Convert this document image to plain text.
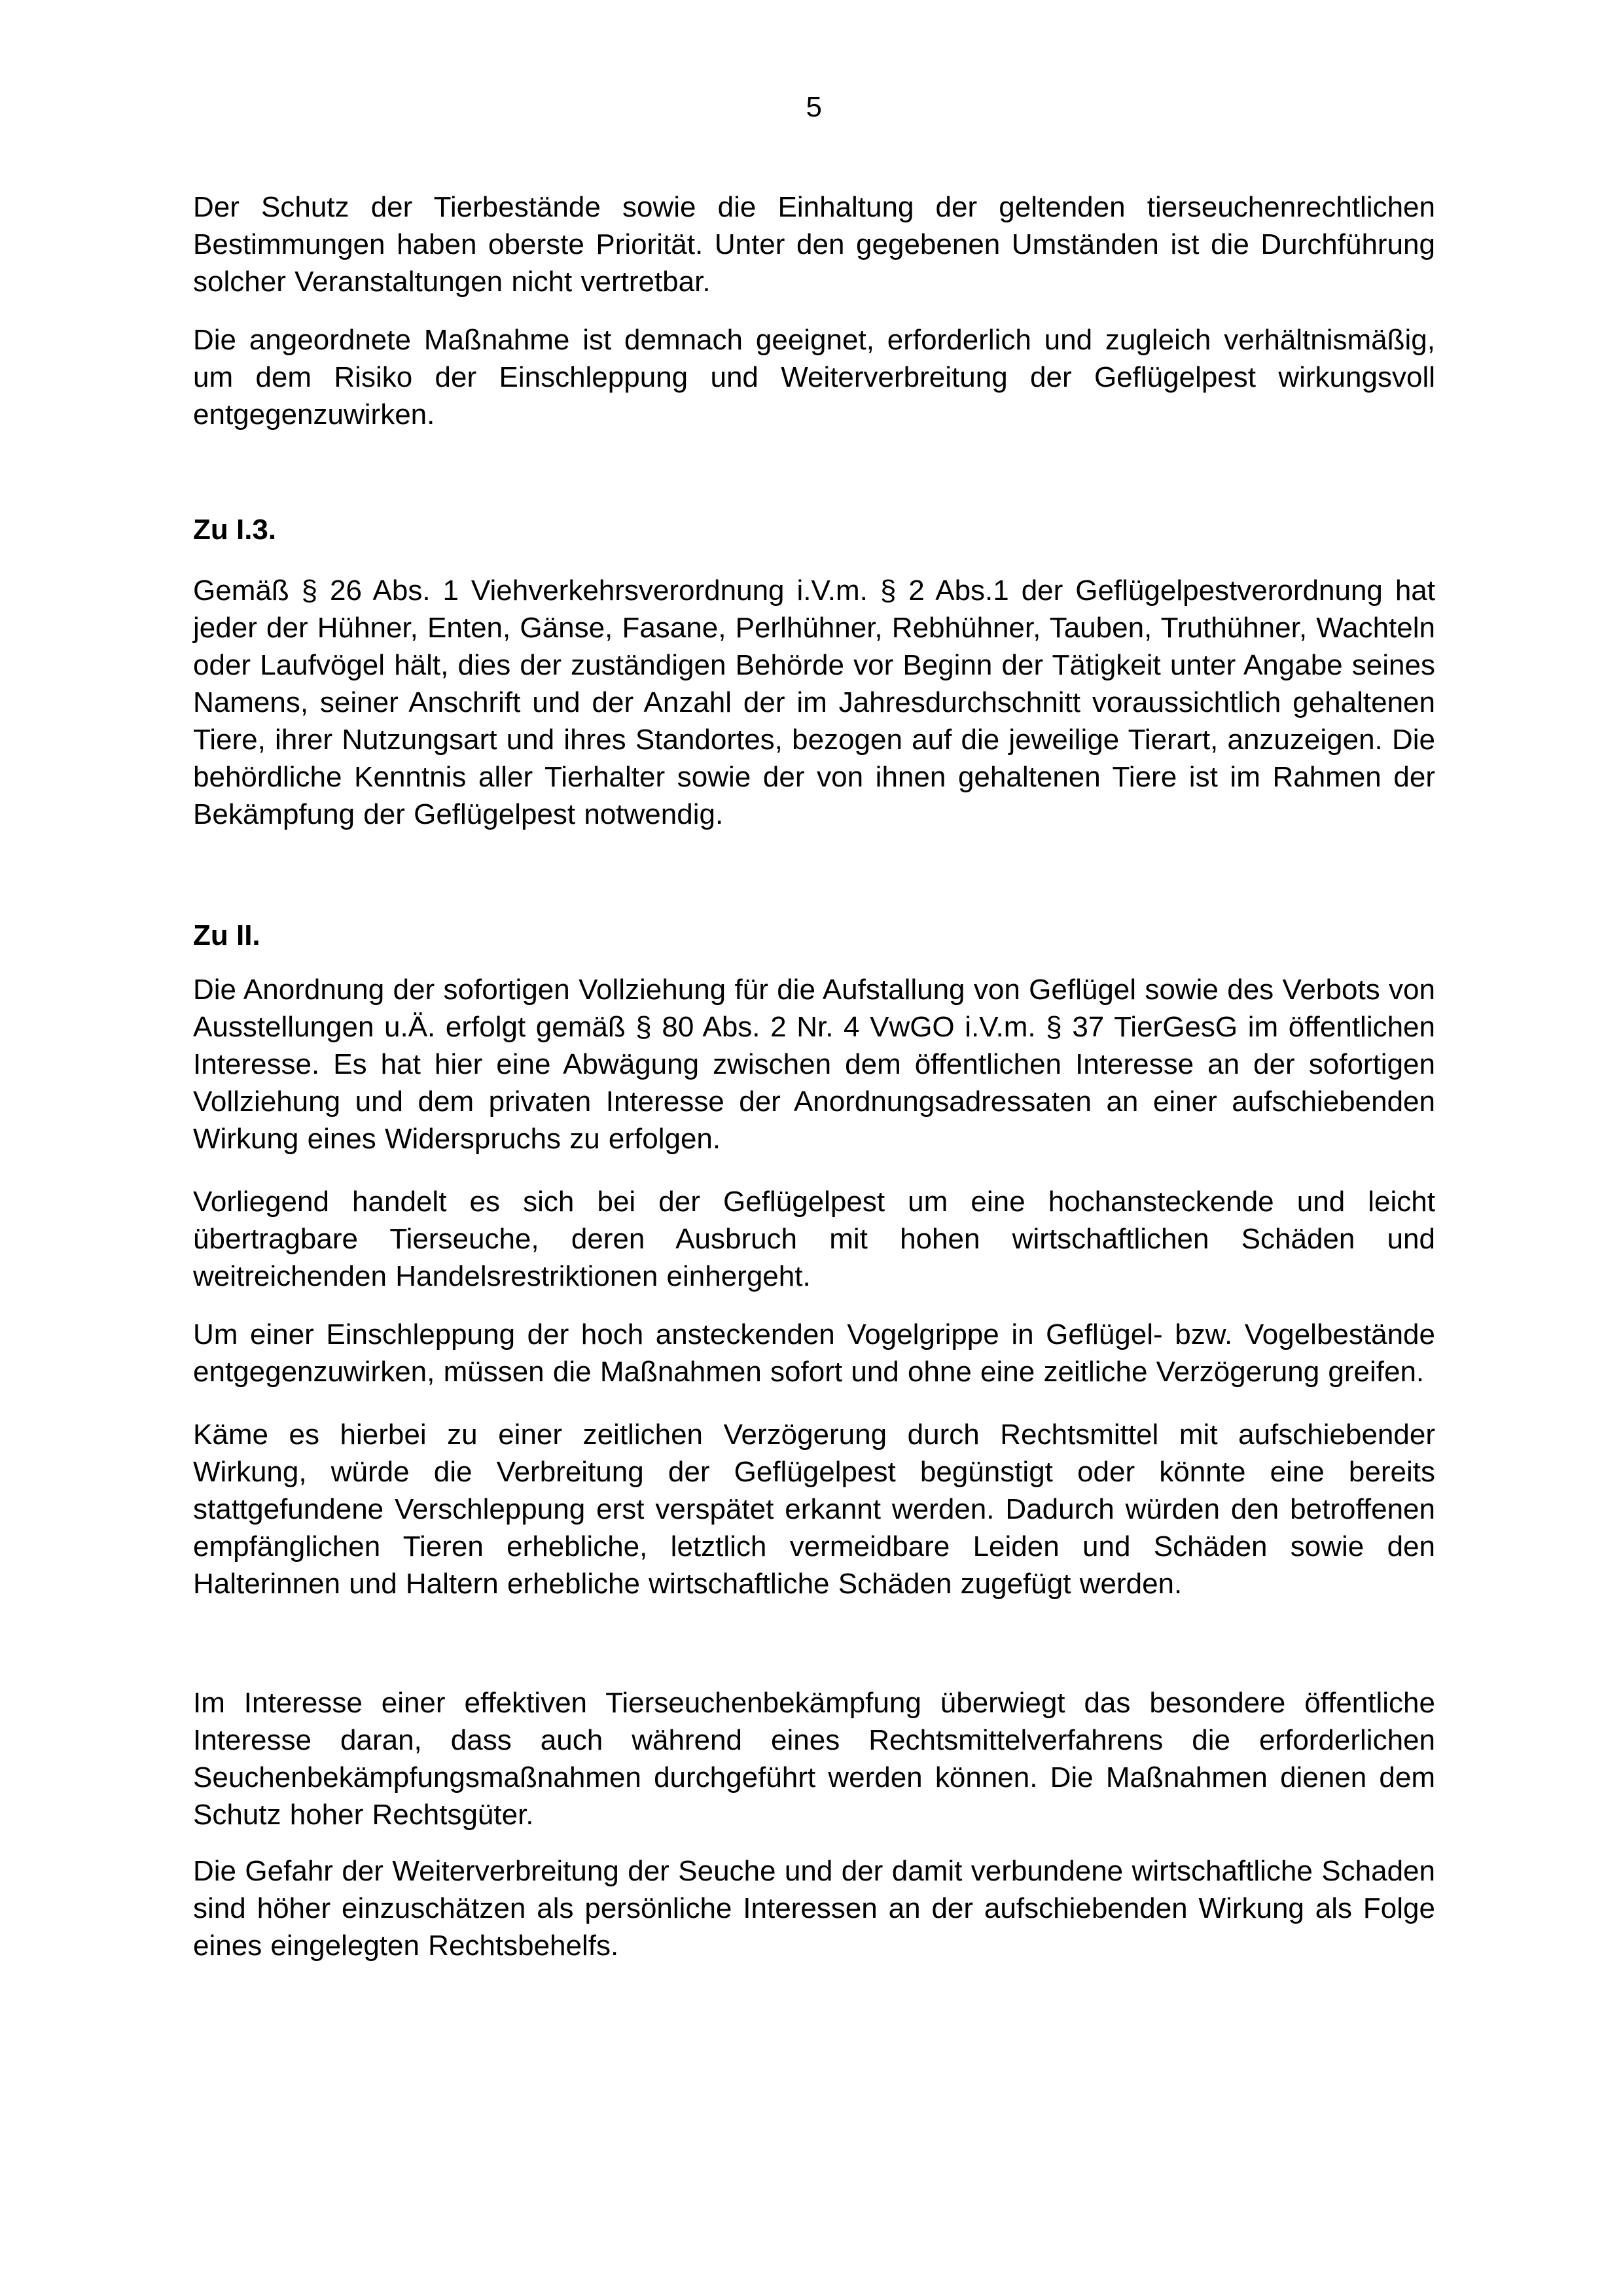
5

Der Schutz der Tierbestände sowie die Einhaltung der geltenden tierseuchenrechtlichen Bestimmungen haben oberste Priorität. Unter den gegebenen Umständen ist die Durchführung solcher Veranstaltungen nicht vertretbar.

Die angeordnete Maßnahme ist demnach geeignet, erforderlich und zugleich verhältnismäßig, um dem Risiko der Einschleppung und Weiterverbreitung der Geflügelpest wirkungsvoll entgegenzuwirken.

Zu I.3.

Gemäß § 26 Abs. 1 Viehverkehrsverordnung i.V.m. § 2 Abs.1 der Geflügelpestverordnung hat jeder der Hühner, Enten, Gänse, Fasane, Perlhühner, Rebhühner, Tauben, Truthühner, Wachteln oder Laufvögel hält, dies der zuständigen Behörde vor Beginn der Tätigkeit unter Angabe seines Namens, seiner Anschrift und der Anzahl der im Jahresdurchschnitt voraussichtlich gehaltenen Tiere, ihrer Nutzungsart und ihres Standortes, bezogen auf die jeweilige Tierart, anzuzeigen. Die behördliche Kenntnis aller Tierhalter sowie der von ihnen gehaltenen Tiere ist im Rahmen der Bekämpfung der Geflügelpest notwendig.

Zu II.

Die Anordnung der sofortigen Vollziehung für die Aufstallung von Geflügel sowie des Verbots von Ausstellungen u.Ä. erfolgt gemäß § 80 Abs. 2 Nr. 4 VwGO i.V.m. § 37 TierGesG im öffentlichen Interesse. Es hat hier eine Abwägung zwischen dem öffentlichen Interesse an der sofortigen Vollziehung und dem privaten Interesse der Anordnungsadressaten an einer aufschiebenden Wirkung eines Widerspruchs zu erfolgen.

Vorliegend handelt es sich bei der Geflügelpest um eine hochansteckende und leicht übertragbare Tierseuche, deren Ausbruch mit hohen wirtschaftlichen Schäden und weitreichenden Handelsrestriktionen einhergeht.

Um einer Einschleppung der hoch ansteckenden Vogelgrippe in Geflügel- bzw. Vogelbestände entgegenzuwirken, müssen die Maßnahmen sofort und ohne eine zeitliche Verzögerung greifen.

Käme es hierbei zu einer zeitlichen Verzögerung durch Rechtsmittel mit aufschiebender Wirkung, würde die Verbreitung der Geflügelpest begünstigt oder könnte eine bereits stattgefundene Verschleppung erst verspätet erkannt werden. Dadurch würden den betroffenen empfänglichen Tieren erhebliche, letztlich vermeidbare Leiden und Schäden sowie den Halterinnen und Haltern erhebliche wirtschaftliche Schäden zugefügt werden.

Im Interesse einer effektiven Tierseuchenbekämpfung überwiegt das besondere öffentliche Interesse daran, dass auch während eines Rechtsmittelverfahrens die erforderlichen Seuchenbekämpfungsmaßnahmen durchgeführt werden können. Die Maßnahmen dienen dem Schutz hoher Rechtsgüter.

Die Gefahr der Weiterverbreitung der Seuche und der damit verbundene wirtschaftliche Schaden sind höher einzuschätzen als persönliche Interessen an der aufschiebenden Wirkung als Folge eines eingelegten Rechtsbehelfs.
